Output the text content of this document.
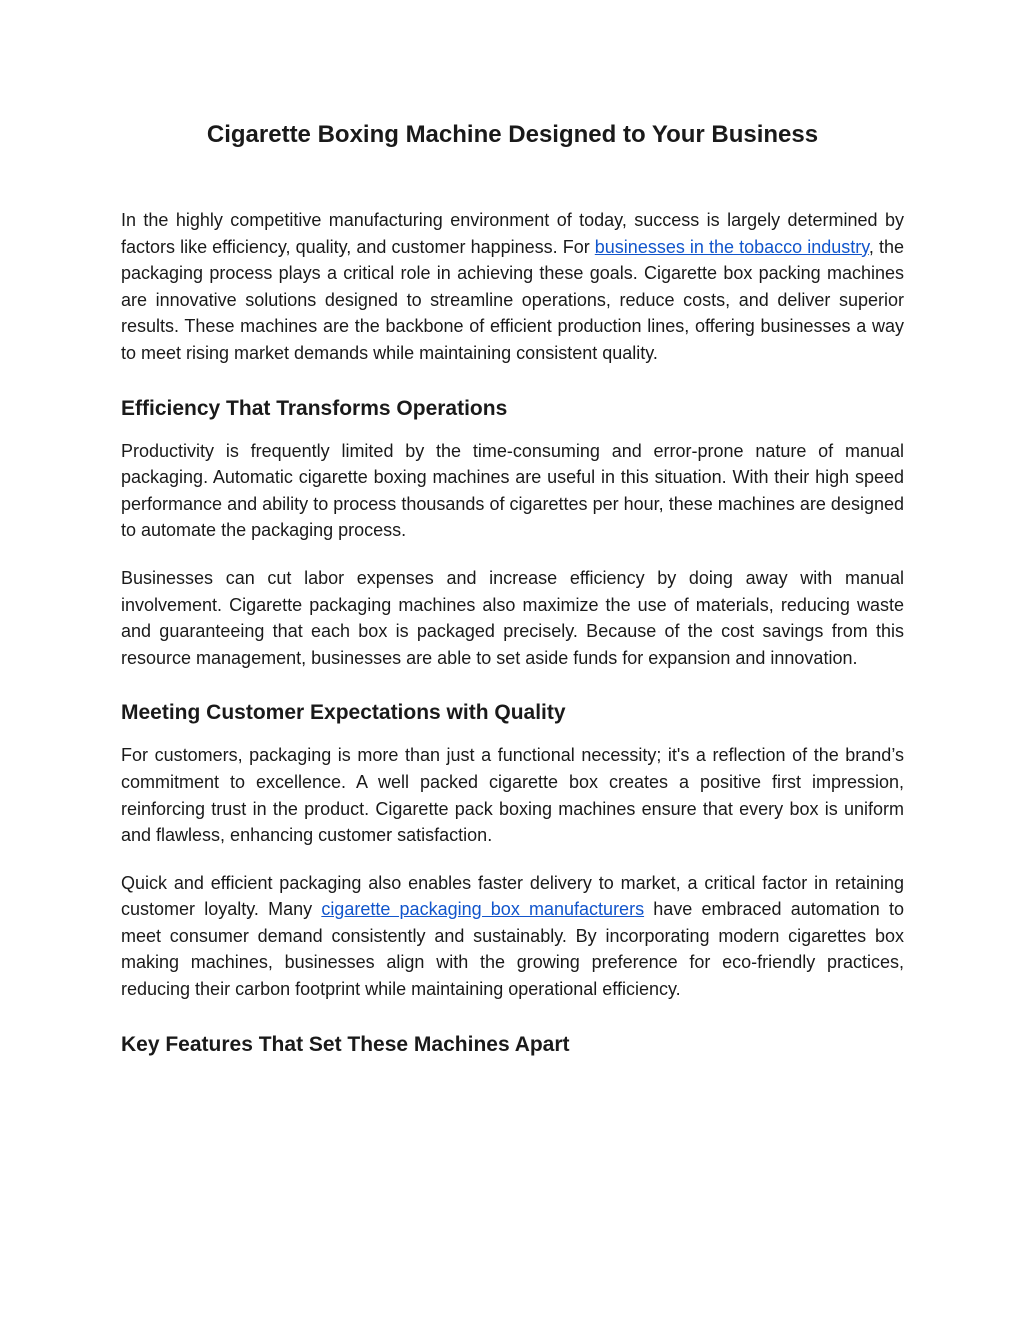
Cigarette Boxing Machine Designed to Your Business

In the highly competitive manufacturing environment of today, success is largely determined by factors like efficiency, quality, and customer happiness. For businesses in the tobacco industry, the packaging process plays a critical role in achieving these goals. Cigarette box packing machines are innovative solutions designed to streamline operations, reduce costs, and deliver superior results. These machines are the backbone of efficient production lines, offering businesses a way to meet rising market demands while maintaining consistent quality.

Efficiency That Transforms Operations

Productivity is frequently limited by the time-consuming and error-prone nature of manual packaging. Automatic cigarette boxing machines are useful in this situation. With their high speed performance and ability to process thousands of cigarettes per hour, these machines are designed to automate the packaging process.

Businesses can cut labor expenses and increase efficiency by doing away with manual involvement. Cigarette packaging machines also maximize the use of materials, reducing waste and guaranteeing that each box is packaged precisely. Because of the cost savings from this resource management, businesses are able to set aside funds for expansion and innovation.

Meeting Customer Expectations with Quality

For customers, packaging is more than just a functional necessity; it's a reflection of the brand’s commitment to excellence. A well packed cigarette box creates a positive first impression, reinforcing trust in the product. Cigarette pack boxing machines ensure that every box is uniform and flawless, enhancing customer satisfaction.

Quick and efficient packaging also enables faster delivery to market, a critical factor in retaining customer loyalty. Many cigarette packaging box manufacturers have embraced automation to meet consumer demand consistently and sustainably. By incorporating modern cigarettes box making machines, businesses align with the growing preference for eco-friendly practices, reducing their carbon footprint while maintaining operational efficiency.

Key Features That Set These Machines Apart
